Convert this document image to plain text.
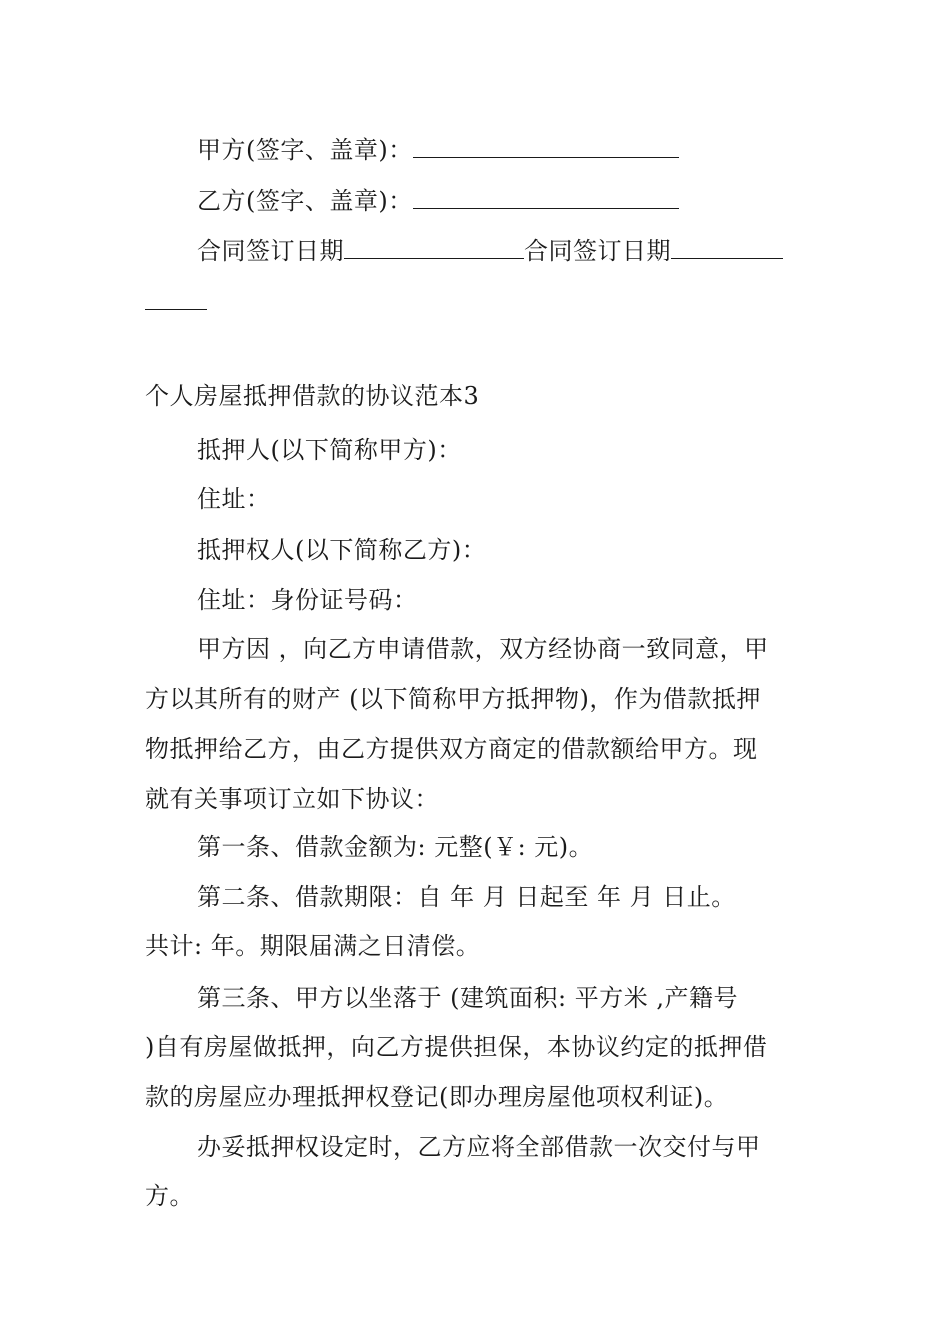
甲方(签字、盖章)：
乙方(签字、盖章)：
合同签订日期	合同签订日期
个人房屋抵押借款的协议范本3
抵押人(以下简称甲方)：
住址：
抵押权人(以下简称乙方)：
住址：身份证号码：
甲方因 ，向乙方申请借款，双方经协商一致同意，甲
方以其所有的财产 (以下简称甲方抵押物)，作为借款抵押
物抵押给乙方，由乙方提供双方商定的借款额给甲方。现
就有关事项订立如下协议：
第一条、借款金额为: 元整(￥: 元)。
第二条、借款期限：自 年 月 日起至 年 月 日止。
共计: 年。期限届满之日清偿。
第三条、甲方以坐落于 (建筑面积: 平方米 ,产籍号
)自有房屋做抵押，向乙方提供担保，本协议约定的抵押借
款的房屋应办理抵押权登记(即办理房屋他项权利证)。
办妥抵押权设定时，乙方应将全部借款一次交付与甲
方。
